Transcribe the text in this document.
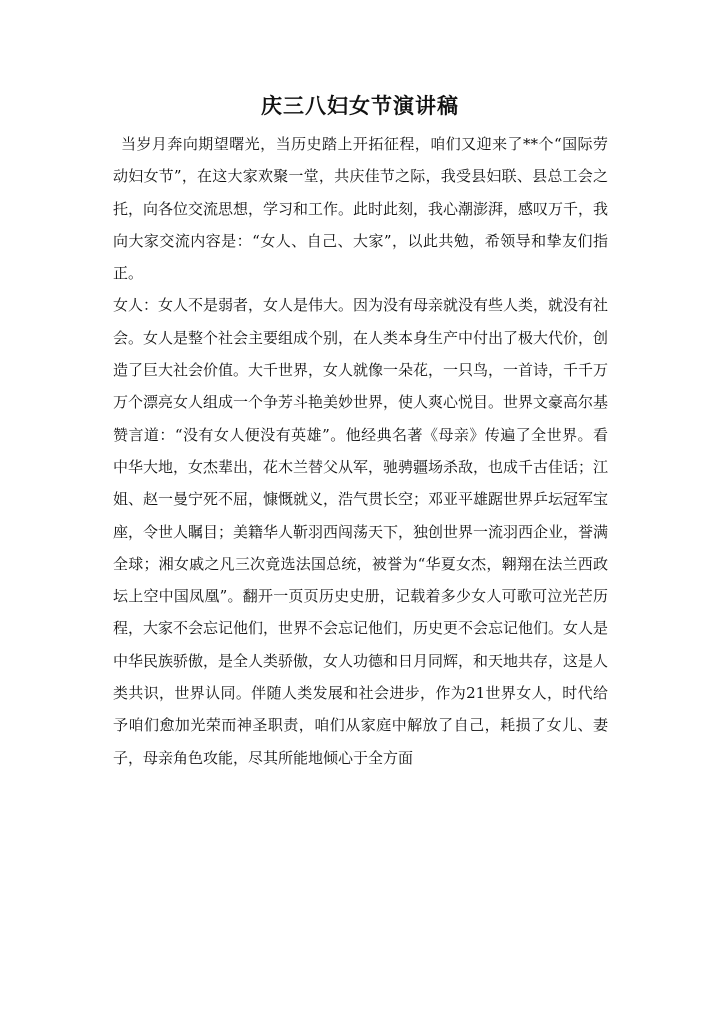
庆三八妇女节演讲稿

当岁月奔向期望曙光，当历史踏上开拓征程，咱们又迎来了**个“国际劳动妇女节”，在这大家欢聚一堂，共庆佳节之际，我受县妇联、县总工会之托，向各位交流思想，学习和工作。此时此刻，我心潮澎湃，感叹万千，我向大家交流内容是：“女人、自己、大家”，以此共勉，希领导和挚友们指正。

女人：女人不是弱者，女人是伟大。因为没有母亲就没有些人类，就没有社会。女人是整个社会主要组成个别，在人类本身生产中付出了极大代价，创造了巨大社会价值。大千世界，女人就像一朵花，一只鸟，一首诗，千千万万个漂亮女人组成一个争芳斗艳美妙世界，使人爽心悦目。世界文豪高尔基赞言道：“没有女人便没有英雄”。他经典名著《母亲》传遍了全世界。看中华大地，女杰辈出，花木兰替父从军，驰骋疆场杀敌，也成千古佳话；江姐、赵一曼宁死不屈，慷慨就义，浩气贯长空；邓亚平雄踞世界乒坛冠军宝座，令世人瞩目；美籍华人靳羽西闯荡天下，独创世界一流羽西企业，誉满全球；湘女戚之凡三次竟选法国总统，被誉为“华夏女杰，翱翔在法兰西政坛上空中国凤凰”。翻开一页页历史史册，记载着多少女人可歌可泣光芒历程，大家不会忘记他们，世界不会忘记他们，历史更不会忘记他们。女人是中华民族骄傲，是全人类骄傲，女人功德和日月同辉，和天地共存，这是人类共识，世界认同。伴随人类发展和社会进步，作为21世界女人，时代给予咱们愈加光荣而神圣职责，咱们从家庭中解放了自己，耗损了女儿、妻子，母亲角色攻能，尽其所能地倾心于全方面
